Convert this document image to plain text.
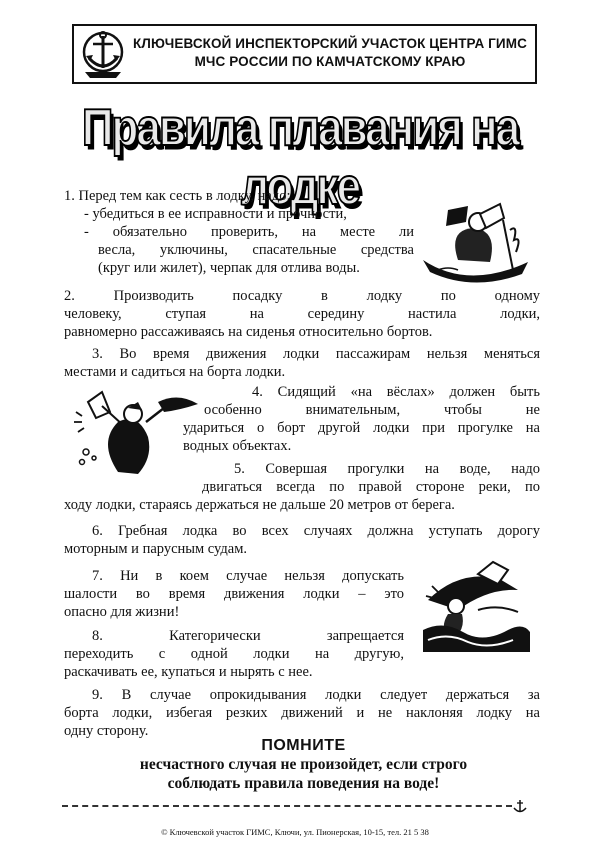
КЛЮЧЕВСКОЙ ИНСПЕКТОРСКИЙ УЧАСТОК ЦЕНТРА ГИМС
МЧС РОССИИ ПО КАМЧАТСКОМУ КРАЮ
Правила плавания на лодке
1. Перед тем как сесть в лодку, надо:
- убедиться в ее исправности и прочности,
- обязательно проверить, на месте ли
весла, уключины, спасательные средства
(круг или жилет), черпак для отлива воды.
2. Производить посадку в лодку по одному
человеку, ступая на середину настила лодки,
равномерно рассаживаясь на сиденья относительно бортов.
3. Во время движения лодки пассажирам нельзя меняться
местами и садиться на борта лодки.
4. Сидящий «на вёслах» должен быть
особенно внимательным, чтобы не
удариться о борт другой лодки при прогулке на
водных объектах.
5. Совершая прогулки на воде, надо
двигаться всегда по правой стороне реки, по
ходу лодки, стараясь держаться не дальше 20 метров от берега.
6. Гребная лодка во всех случаях должна уступать дорогу
моторным и парусным судам.
7. Ни в коем случае нельзя допускать
шалости во время движения лодки – это
опасно для жизни!
8. Категорически запрещается
переходить с одной лодки на другую,
раскачивать ее, купаться и нырять с нее.
9. В случае опрокидывания лодки следует держаться за
борта лодки, избегая резких движений и не наклоняя лодку на
одну сторону.
ПОМНИТЕ
несчастного случая не произойдет, если строго
соблюдать правила поведения на воде!
© Ключевской участок ГИМС, Ключи, ул. Пионерская, 10-15, тел. 21 5 38
